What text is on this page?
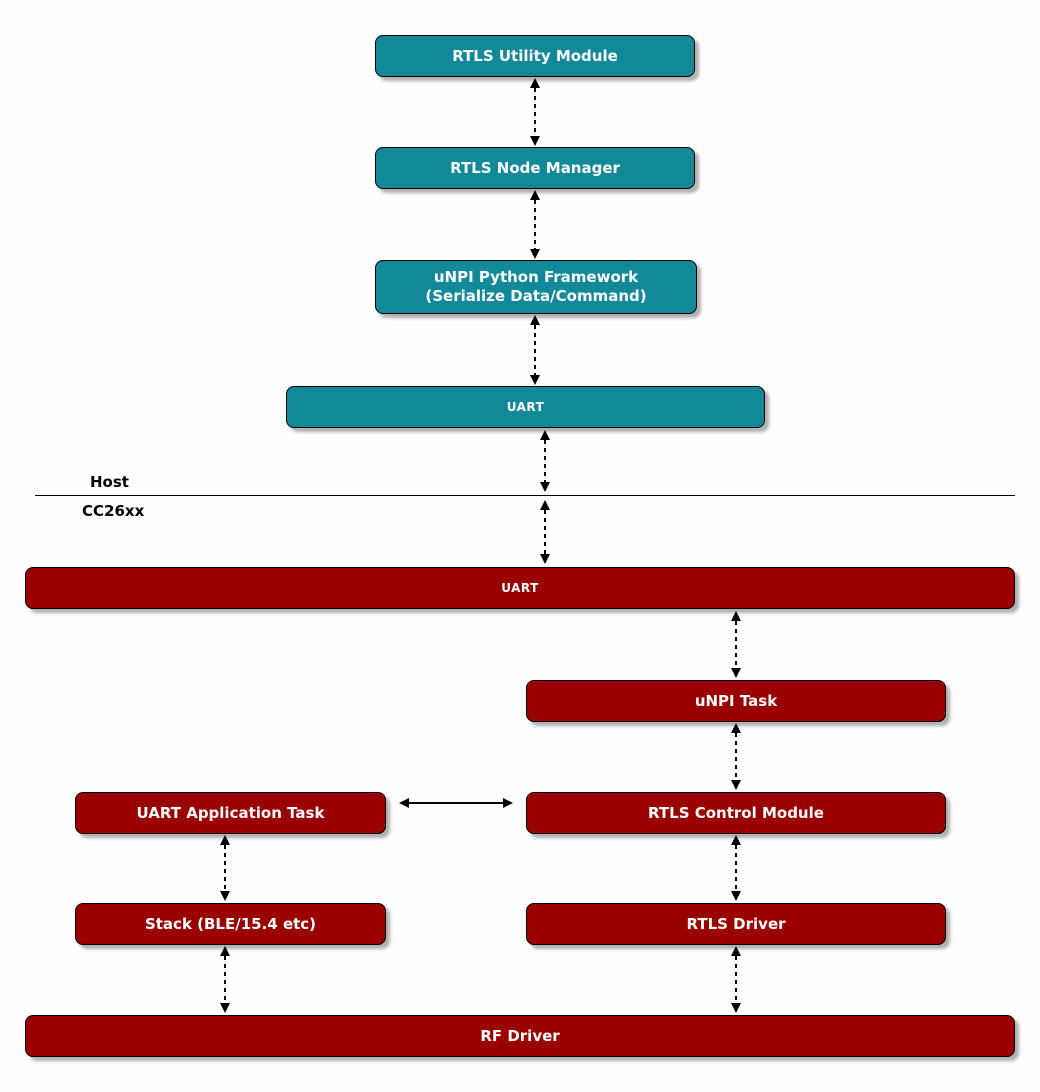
RTLS Utility Module
RTLS Node Manager
uNPI Python Framework
(Serialize Data/Command)
UART
Host
CC26xx
UART
uNPI Task
UART Application Task	RTLS Control Module
Stack (BLE/15.4 etc)	RTLS Driver
RF Driver
